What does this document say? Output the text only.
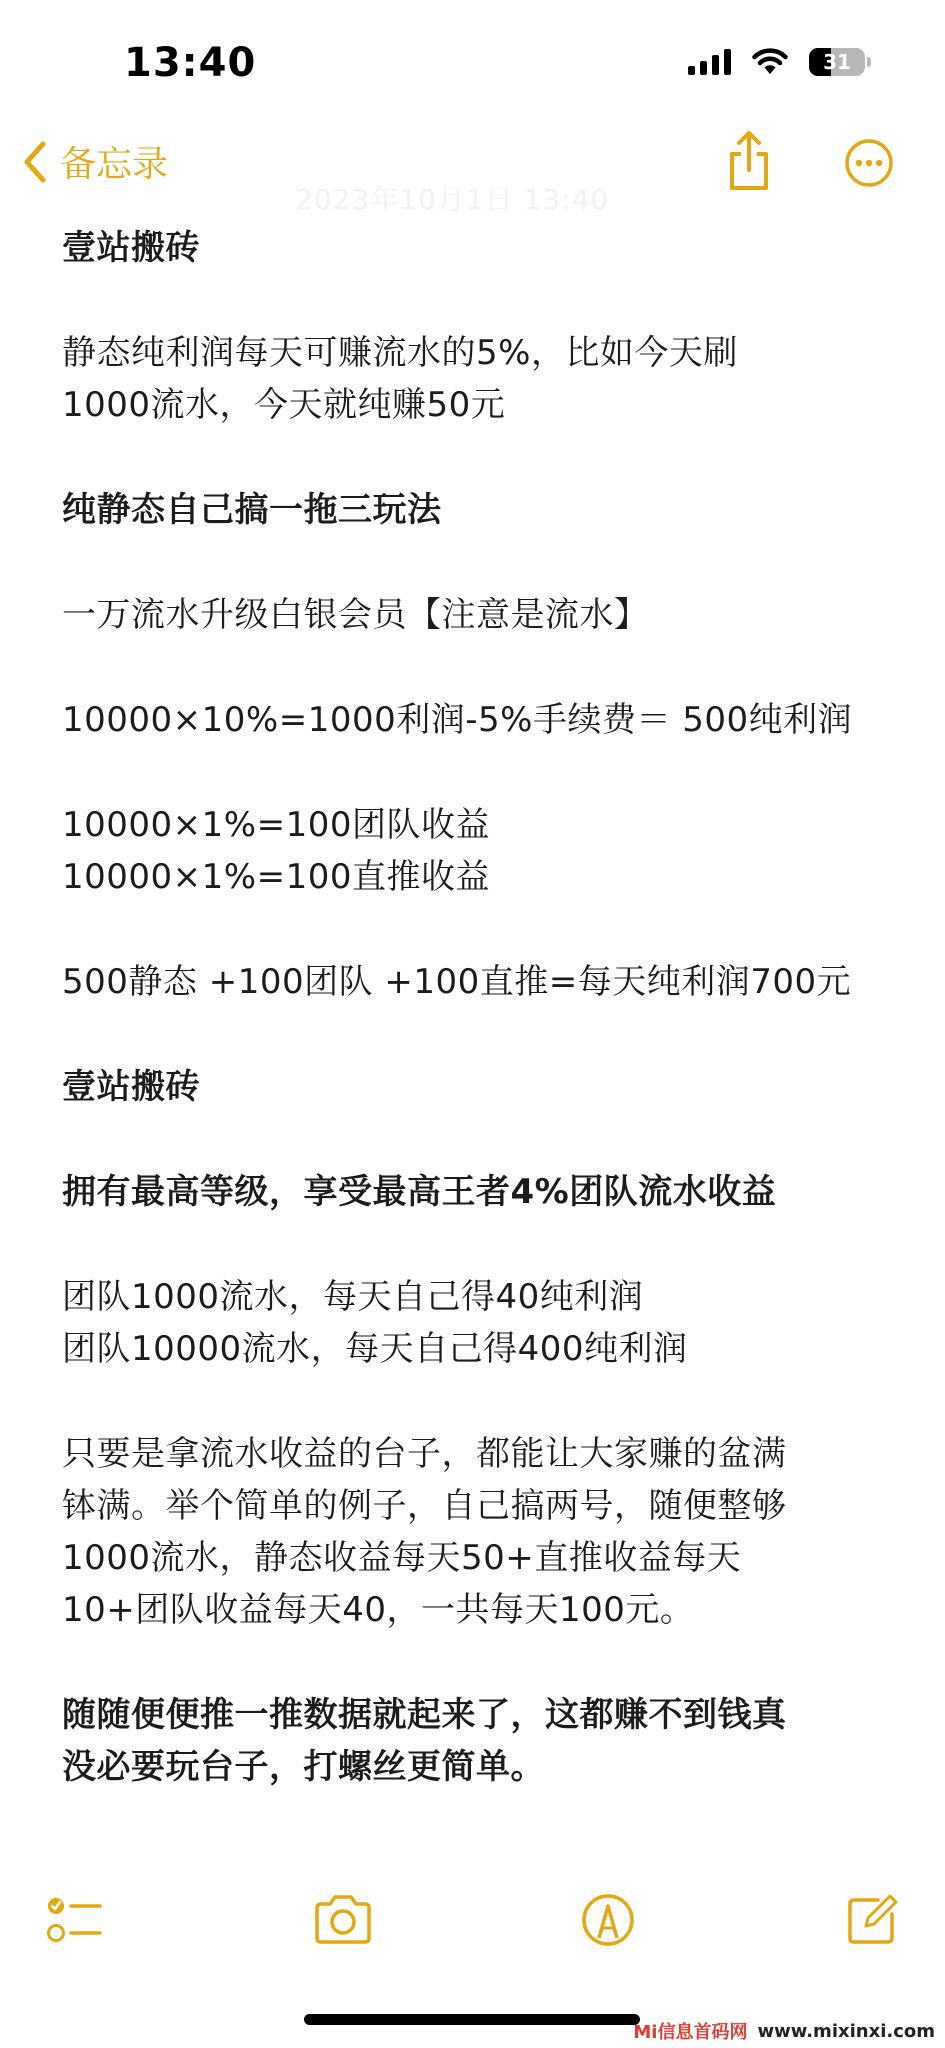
13:40	31
备忘录
2023年10月1日 13:40

壹站搬砖

静态纯利润每天可赚流水的5%，比如今天刷

1000流水，今天就纯赚50元

纯静态自己搞一拖三玩法

一万流水升级白银会员【注意是流水】

10000×10%=1000利润-5%手续费＝ 500纯利润

10000×1%=100团队收益

10000×1%=100直推收益

500静态 +100团队 +100直推=每天纯利润700元

壹站搬砖

拥有最高等级，享受最高王者4%团队流水收益

团队1000流水，每天自己得40纯利润

团队10000流水，每天自己得400纯利润

只要是拿流水收益的台子，都能让大家赚的盆满

钵满。举个简单的例子，自己搞两号，随便整够

1000流水，静态收益每天50+直推收益每天

10+团队收益每天40，一共每天100元。

随随便便推一推数据就起来了，这都赚不到钱真

没必要玩台子，打螺丝更简单。

Mi信息首码网 www.mixinxi.com
